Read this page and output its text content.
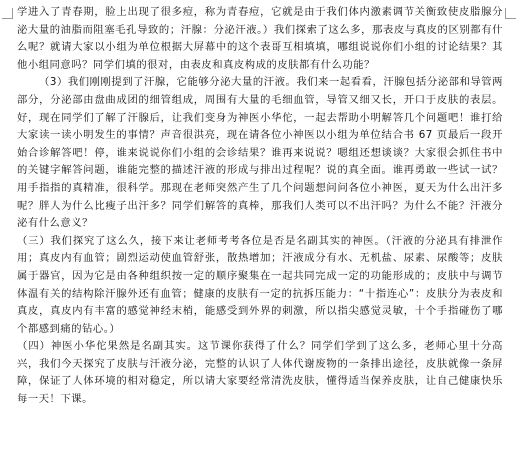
学进入了青春期，脸上出现了很多痘，称为青春痘，它就是由于我们体内激素调节关衡致使皮脂腺分泌大量的油脂而阻塞毛孔导致的；汗腺：分泌汗液。）我们探索了这么多，那表皮与真皮的区别都有什么呢？就请大家以小组为单位根据大屏幕中的这个表哥互相填填，哪组说说你们小组的讨论结果？其他小组同意吗？同学们填的很对，由表皮和真皮构成的皮肤都有什么功能？

（3）我们刚刚提到了汗腺，它能够分泌大量的汗液。我们来一起看看，汗腺包括分泌部和导管两部分，分泌部由盘曲成团的细管组成，周围有大量的毛细血管，导管又细又长，开口于皮肤的表层。好，现在同学们了解了汗腺后，让我们变身为神医小华佗，一起去帮助小明解答几个问题吧！谁打给大家读一读小明发生的事情？声音很洪亮，现在请各位小神医以小组为单位结合书 67 页最后一段开始合诊解答吧！停，谁来说说你们小组的会诊结果？谁再来说说？嗯组还想谈谈？大家很会抓住书中的关键字解答问题，谁能完整的描述汗液的形成与排出过程呢？说的真全面。谁再勇敢一些试一试？用手指指的真精准，很科学。那现在老师突然产生了几个问题想问问各位小神医，夏天为什么出汗多呢？胖人为什么比瘦子出汗多？同学们解答的真棒，那我们人类可以不出汗吗？为什么不能？汗液分泌有什么意义？

（三）我们探究了这么久，接下来让老师考考各位是否是名副其实的神医。（汗液的分泌具有排泄作用；真皮内有血管；剧烈运动使血管舒张，散热增加；汗液成分有水、无机盐、尿素、尿酸等；皮肤属于器官，因为它是由各种组织按一定的顺序聚集在一起共同完成一定的功能形成的；皮肤中与调节体温有关的结构除汗腺外还有血管；健康的皮肤有一定的抗拆压能力：“十指连心”：皮肤分为表皮和真皮，真皮内有丰富的感觉神经末梢，能感受到外界的刺激，所以指尖感觉灵敏，十个手指碰伤了哪个都感到痛的钻心。）

（四）神医小华佗果然是名副其实。这节课你获得了什么？同学们学到了这么多，老师心里十分高兴，我们今天探究了皮肤与汗液分泌，完整的认识了人体代谢废物的一条排出途径，皮肤就像一条屏障，保证了人体环境的相对稳定，所以请大家要经常清洗皮肤，懂得适当保养皮肤，让自己健康快乐每一天！下课。
